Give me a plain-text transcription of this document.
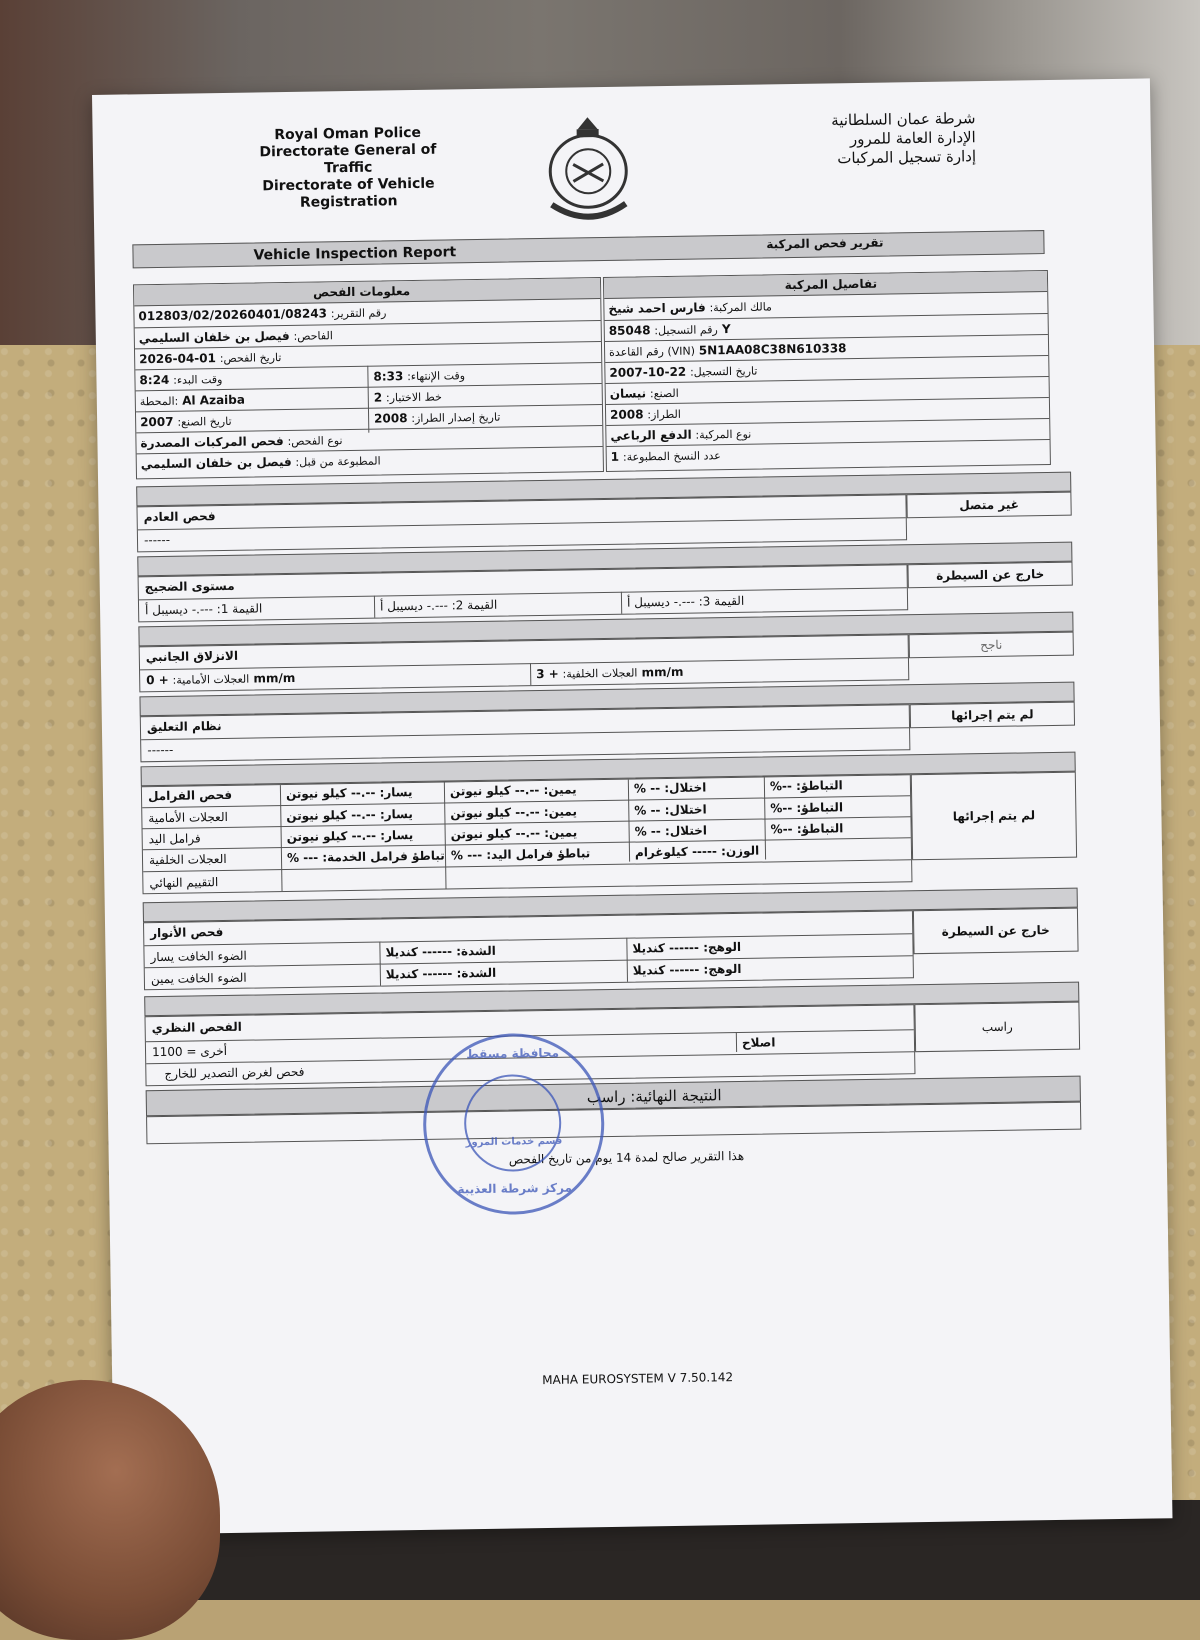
Royal Oman Police
Directorate General of Traffic
Directorate of Vehicle
Registration
شرطة عمان السلطانية
الإدارة العامة للمرور
إدارة تسجيل المركبات
Vehicle Inspection Report
تقرير فحص المركبة
معلومات الفحص
رقم التقرير: 012803/02/20260401/08243
الفاحص: فيصل بن خلفان السليمي
تاريخ الفحص: 01-04-2026
وقت البدء: 8:24	وقت الإنتهاء: 8:33
المحطة: Al Azaiba	خط الاختبار: 2
تاريخ الصنع: 2007	تاريخ إصدار الطراز: 2008
نوع الفحص: فحص المركبات المصدرة
المطبوعة من قبل: فيصل بن خلفان السليمي
تفاصيل المركبة
مالك المركبة: فارس احمد شيخ
رقم التسجيل: 85048 Y
رقم القاعدة (VIN) 5N1AA08C38N610338
تاريخ التسجيل: 22-10-2007
الصنع: نيسان
الطراز: 2008
نوع المركبة: الدفع الرباعي
عدد النسخ المطبوعة: 1
فحص العادم
------
غير متصل
مستوى الضجيج
القيمة 1: ---.- ديسيبل أ	القيمة 2: ---.- ديسيبل أ	القيمة 3: ---.- ديسيبل أ
خارج عن السيطرة
الانزلاق الجانبي
العجلات الأمامية: + 0 mm/m	العجلات الخلفية: + 3 mm/m
ناجح
نظام التعليق
------
لم يتم إجرائها
فحص الفرامل
العجلات الأمامية
يسار: --.-- كيلو نيوتن	يمين: --.-- كيلو نيوتن	اختلال: -- %	التباطؤ: --%
فرامل اليد
يسار: --.-- كيلو نيوتن	يمين: --.-- كيلو نيوتن	اختلال: -- %	التباطؤ: --%
العجلات الخلفية
يسار: --.-- كيلو نيوتن	يمين: --.-- كيلو نيوتن	اختلال: -- %	التباطؤ: --%
التقييم النهائي
تباطؤ فرامل الخدمة: --- % تباطؤ فرامل اليد: --- %	الوزن: ----- كيلوغرام
لم يتم إجرائها
فحص الأنوار
الضوء الخافت يسار	الشدة: ------ كنديلا	الوهج: ------ كنديلا
الضوء الخافت يمين	الشدة: ------ كنديلا	الوهج: ------ كنديلا
خارج عن السيطرة
الفحص النظري
أخرى = 1100
اصلاح
فحص لغرض التصدير للخارج
راسب
النتيجة النهائية: راسب
هذا التقرير صالح لمدة 14 يوم من تاريخ الفحص
محافظة مسقط
قسم خدمات المرور
مركز شرطة العذيبة
MAHA EUROSYSTEM V 7.50.142
